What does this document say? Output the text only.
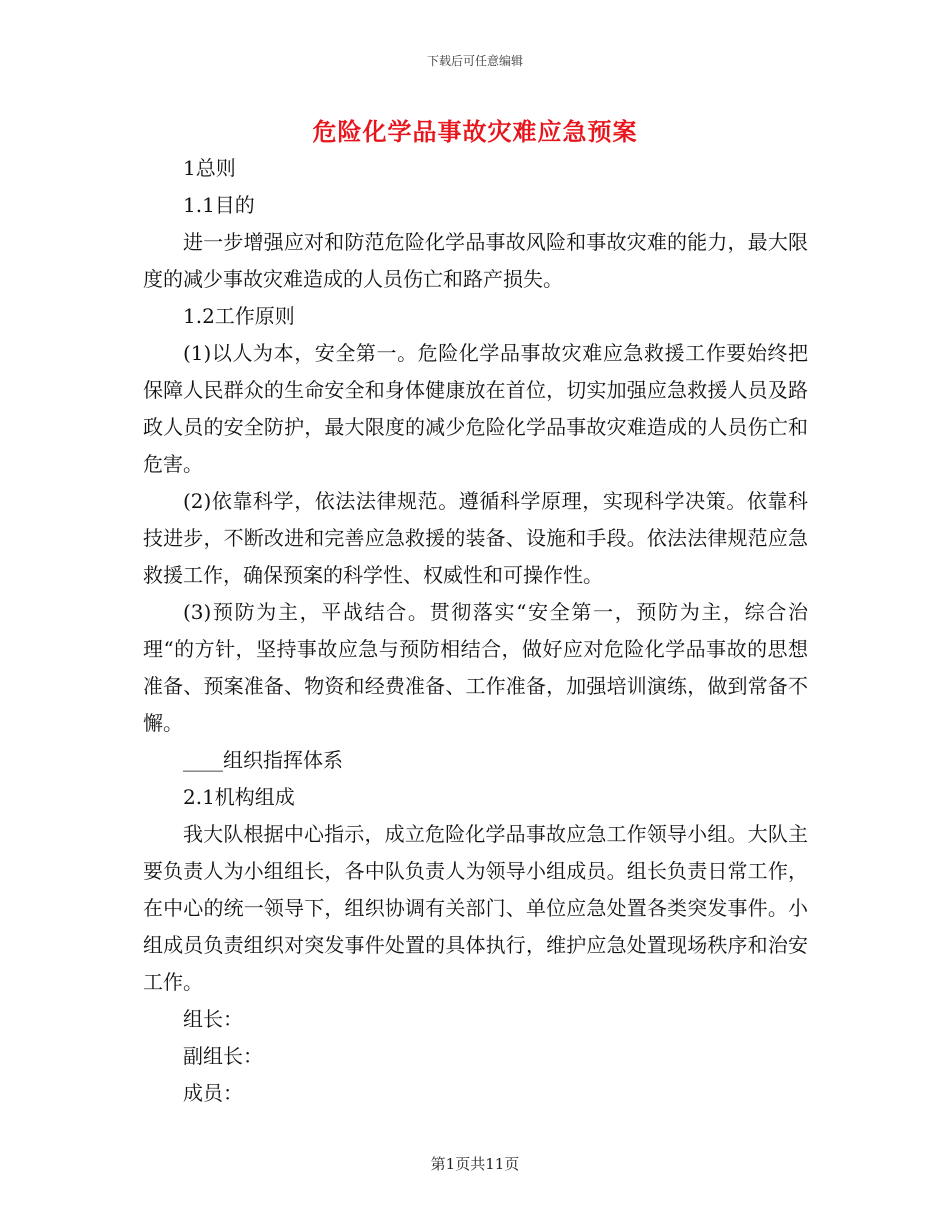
下载后可任意编辑
危险化学品事故灾难应急预案

1总则

1.1目的

进一步增强应对和防范危险化学品事故风险和事故灾难的能力，最大限度的减少事故灾难造成的人员伤亡和路产损失。

1.2工作原则

(1)以人为本，安全第一。危险化学品事故灾难应急救援工作要始终把保障人民群众的生命安全和身体健康放在首位，切实加强应急救援人员及路政人员的安全防护，最大限度的减少危险化学品事故灾难造成的人员伤亡和危害。

(2)依靠科学，依法法律规范。遵循科学原理，实现科学决策。依靠科技进步，不断改进和完善应急救援的装备、设施和手段。依法法律规范应急救援工作，确保预案的科学性、权威性和可操作性。

(3)预防为主，平战结合。贯彻落实“安全第一，预防为主，综合治理“的方针，坚持事故应急与预防相结合，做好应对危险化学品事故的思想准备、预案准备、物资和经费准备、工作准备，加强培训演练，做到常备不懈。

____组织指挥体系

2.1机构组成

我大队根据中心指示，成立危险化学品事故应急工作领导小组。大队主要负责人为小组组长，各中队负责人为领导小组成员。组长负责日常工作，在中心的统一领导下，组织协调有关部门、单位应急处置各类突发事件。小组成员负责组织对突发事件处置的具体执行，维护应急处置现场秩序和治安工作。

组长：

副组长：

成员：

第1页共11页
